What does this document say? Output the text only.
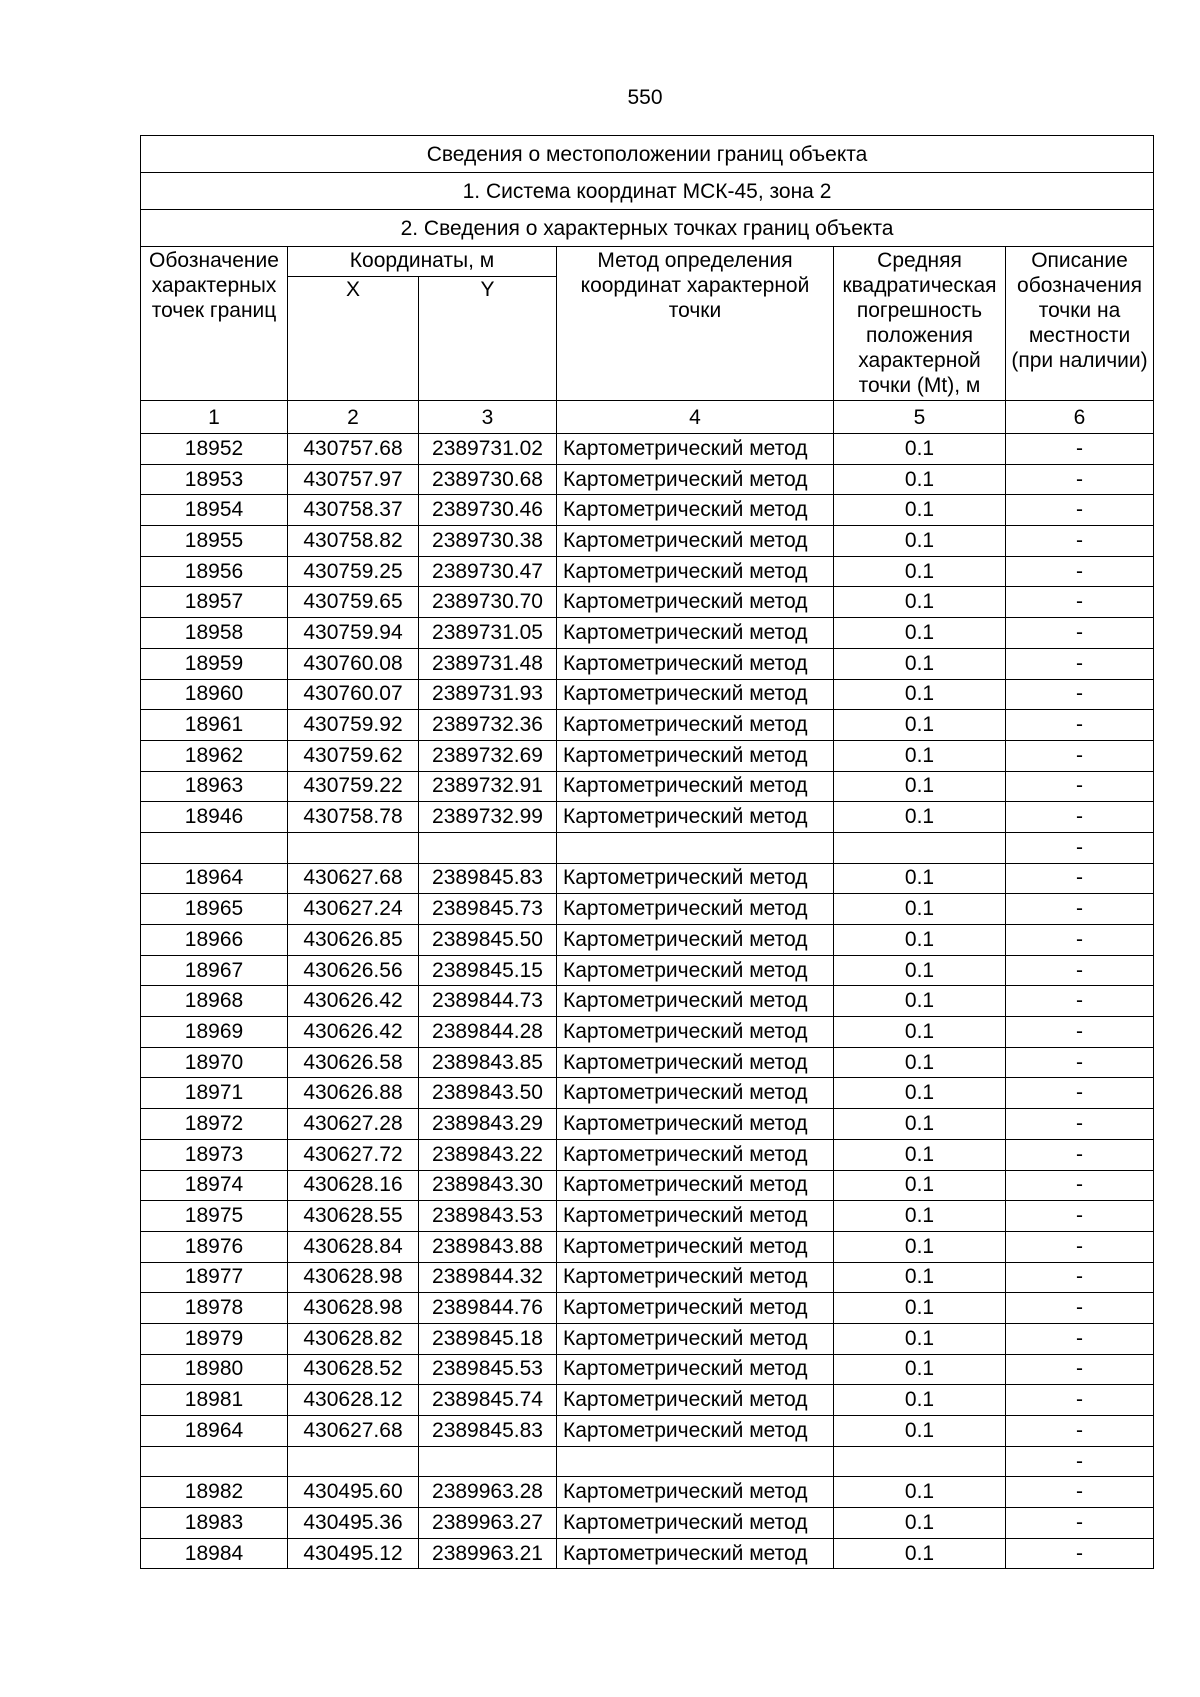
550
Сведения о местоположении границ объекта					
1. Система координат МСК-45, зона 2					
2. Сведения о характерных точках границ объекта					
Обозначение характерных точек границ	Координаты, м		Метод определения координат характерной точки	Средняя квадратическая погрешность положения характерной точки (Mt), м	Описание обозначения точки на местности (при наличии)
	X	Y			
1	2	3	4	5	6
18952	430757.68	2389731.02	Картометрический метод	0.1	-
18953	430757.97	2389730.68	Картометрический метод	0.1	-
18954	430758.37	2389730.46	Картометрический метод	0.1	-
18955	430758.82	2389730.38	Картометрический метод	0.1	-
18956	430759.25	2389730.47	Картометрический метод	0.1	-
18957	430759.65	2389730.70	Картометрический метод	0.1	-
18958	430759.94	2389731.05	Картометрический метод	0.1	-
18959	430760.08	2389731.48	Картометрический метод	0.1	-
18960	430760.07	2389731.93	Картометрический метод	0.1	-
18961	430759.92	2389732.36	Картометрический метод	0.1	-
18962	430759.62	2389732.69	Картометрический метод	0.1	-
18963	430759.22	2389732.91	Картометрический метод	0.1	-
18946	430758.78	2389732.99	Картометрический метод	0.1	-
					-
18964	430627.68	2389845.83	Картометрический метод	0.1	-
18965	430627.24	2389845.73	Картометрический метод	0.1	-
18966	430626.85	2389845.50	Картометрический метод	0.1	-
18967	430626.56	2389845.15	Картометрический метод	0.1	-
18968	430626.42	2389844.73	Картометрический метод	0.1	-
18969	430626.42	2389844.28	Картометрический метод	0.1	-
18970	430626.58	2389843.85	Картометрический метод	0.1	-
18971	430626.88	2389843.50	Картометрический метод	0.1	-
18972	430627.28	2389843.29	Картометрический метод	0.1	-
18973	430627.72	2389843.22	Картометрический метод	0.1	-
18974	430628.16	2389843.30	Картометрический метод	0.1	-
18975	430628.55	2389843.53	Картометрический метод	0.1	-
18976	430628.84	2389843.88	Картометрический метод	0.1	-
18977	430628.98	2389844.32	Картометрический метод	0.1	-
18978	430628.98	2389844.76	Картометрический метод	0.1	-
18979	430628.82	2389845.18	Картометрический метод	0.1	-
18980	430628.52	2389845.53	Картометрический метод	0.1	-
18981	430628.12	2389845.74	Картометрический метод	0.1	-
18964	430627.68	2389845.83	Картометрический метод	0.1	-
					-
18982	430495.60	2389963.28	Картометрический метод	0.1	-
18983	430495.36	2389963.27	Картометрический метод	0.1	-
18984	430495.12	2389963.21	Картометрический метод	0.1	-
